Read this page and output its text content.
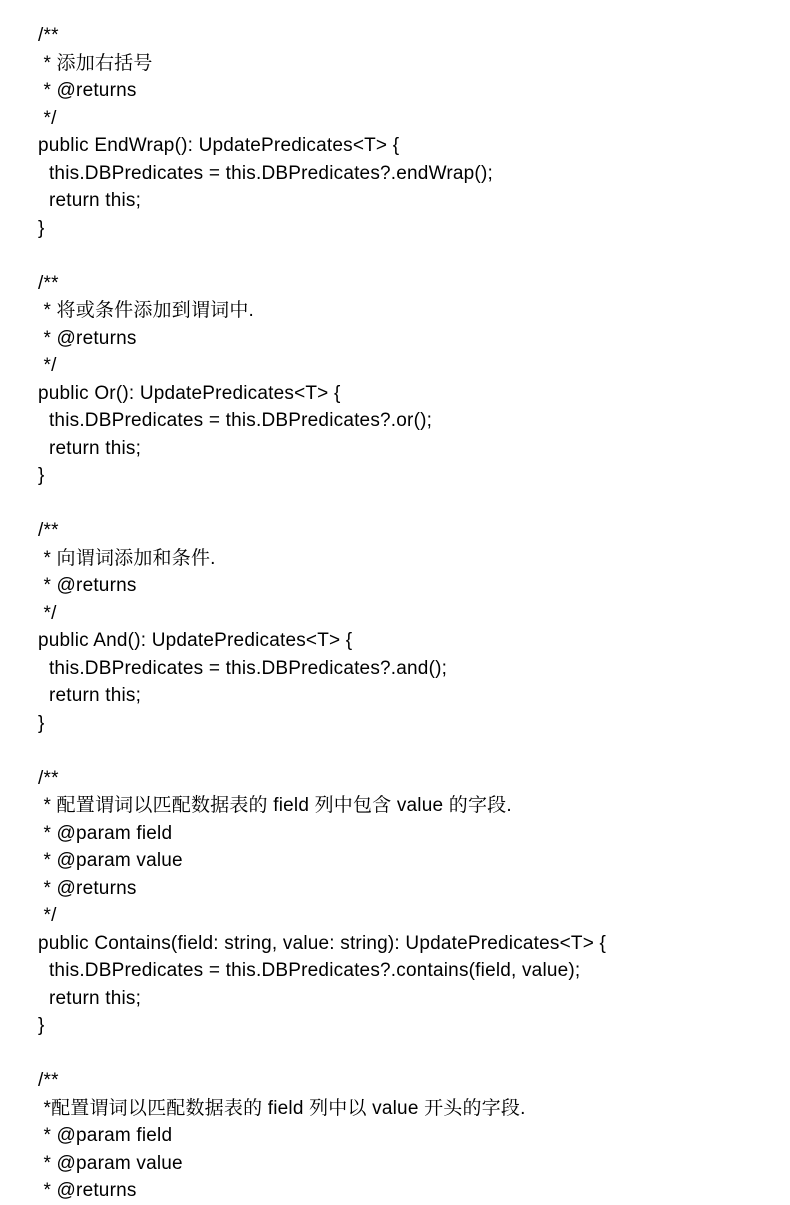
/**
* 添加右括号
* @returns
*/
public EndWrap(): UpdatePredicates<T> {
this.DBPredicates = this.DBPredicates?.endWrap();
return this;
}
/**
* 将或条件添加到谓词中.
* @returns
*/
public Or(): UpdatePredicates<T> {
this.DBPredicates = this.DBPredicates?.or();
return this;
}
/**
* 向谓词添加和条件.
* @returns
*/
public And(): UpdatePredicates<T> {
this.DBPredicates = this.DBPredicates?.and();
return this;
}
/**
* 配置谓词以匹配数据表的 field 列中包含 value 的字段.
* @param field
* @param value
* @returns
*/
public Contains(field: string, value: string): UpdatePredicates<T> {
this.DBPredicates = this.DBPredicates?.contains(field, value);
return this;
}
/**
*配置谓词以匹配数据表的 field 列中以 value 开头的字段.
* @param field
* @param value
* @returns
